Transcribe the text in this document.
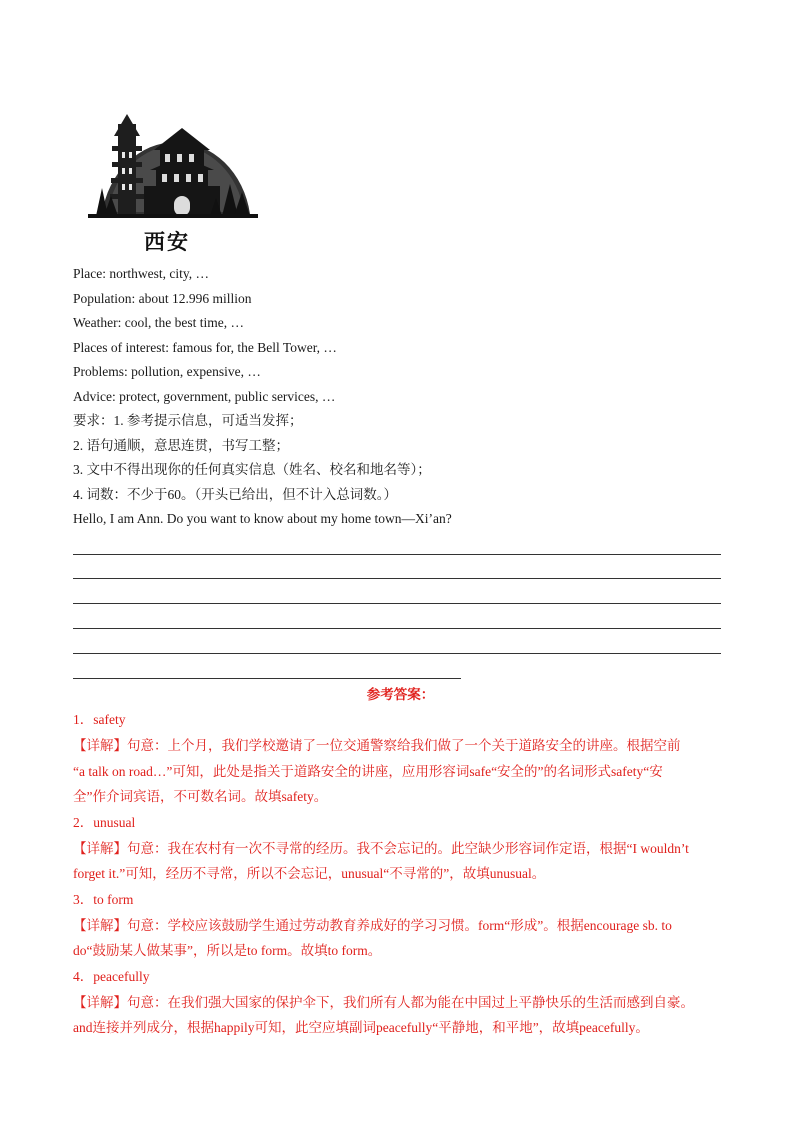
西安
Place: northwest, city, …
Population: about 12.996 million
Weather: cool, the best time, …
Places of interest: famous for, the Bell Tower, …
Problems: pollution, expensive, …
Advice: protect, government, public services, …
要求：1. 参考提示信息，可适当发挥；
2. 语句通顺，意思连贯，书写工整；
3. 文中不得出现你的任何真实信息（姓名、校名和地名等）；
4. 词数：不少于60。（开头已给出，但不计入总词数。）
Hello, I am Ann. Do you want to know about my home town—Xi’an?
参考答案：
1．safety
【详解】句意：上个月，我们学校邀请了一位交通警察给我们做了一个关于道路安全的讲座。根据空前
“a talk on road…”可知，此处是指关于道路安全的讲座，应用形容词safe“安全的”的名词形式safety“安
全”作介词宾语，不可数名词。故填safety。
2．unusual
【详解】句意：我在农村有一次不寻常的经历。我不会忘记的。此空缺少形容词作定语，根据“I wouldn’t
forget it.”可知，经历不寻常，所以不会忘记，unusual“不寻常的”，故填unusual。
3．to form
【详解】句意：学校应该鼓励学生通过劳动教育养成好的学习习惯。form“形成”。根据encourage sb. to
do“鼓励某人做某事”，所以是to form。故填to form。
4．peacefully
【详解】句意：在我们强大国家的保护伞下，我们所有人都为能在中国过上平静快乐的生活而感到自豪。
and连接并列成分，根据happily可知，此空应填副词peacefully“平静地，和平地”，故填peacefully。
